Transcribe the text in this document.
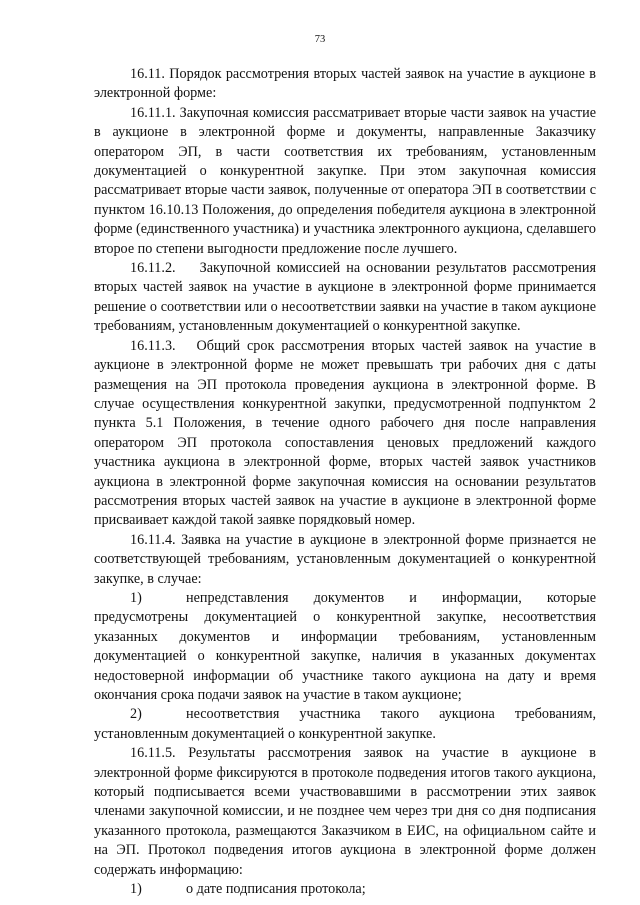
73

16.11. Порядок рассмотрения вторых частей заявок на участие в аукционе в электронной форме:

16.11.1. Закупочная комиссия рассматривает вторые части заявок на участие в аукционе в электронной форме и документы, направленные Заказчику оператором ЭП, в части соответствия их требованиям, установленным документацией о конкурентной закупке. При этом закупочная комиссия рассматривает вторые части заявок, полученные от оператора ЭП в соответствии с пунктом 16.10.13 Положения, до определения победителя аукциона в электронной форме (единственного участника) и участника электронного аукциона, сделавшего второе по степени выгодности предложение после лучшего.

16.11.2.    Закупочной комиссией на основании результатов рассмотрения вторых частей заявок на участие в аукционе в электронной форме принимается решение о соответствии или о несоответствии заявки на участие в таком аукционе требованиям, установленным документацией о конкурентной закупке.

16.11.3.   Общий срок рассмотрения вторых частей заявок на участие в аукционе в электронной форме не может превышать три рабочих дня с даты размещения на ЭП протокола проведения аукциона в электронной форме. В случае осуществления конкурентной закупки, предусмотренной подпунктом 2 пункта 5.1 Положения, в течение одного рабочего дня после направления оператором ЭП протокола сопоставления ценовых предложений каждого участника аукциона в электронной форме, вторых частей заявок участников аукциона в электронной форме закупочная комиссия на основании результатов рассмотрения вторых частей заявок на участие в аукционе в электронной форме присваивает каждой такой заявке порядковый номер.

16.11.4. Заявка на участие в аукционе в электронной форме признается не соответствующей требованиям, установленным документацией о конкурентной закупке, в случае:

1)	непредставления документов и информации, которые предусмотрены документацией о конкурентной закупке, несоответствия указанных документов и информации требованиям, установленным документацией о конкурентной закупке, наличия в указанных документах недостоверной информации об участнике такого аукциона на дату и время окончания срока подачи заявок на участие в таком аукционе;

2)	несоответствия участника такого аукциона требованиям, установленным документацией о конкурентной закупке.

16.11.5. Результаты рассмотрения заявок на участие в аукционе в электронной форме фиксируются в протоколе подведения итогов такого аукциона, который подписывается всеми участвовавшими в рассмотрении этих заявок членами закупочной комиссии, и не позднее чем через три дня со дня подписания указанного протокола, размещаются Заказчиком в ЕИС, на официальном сайте и на ЭП. Протокол подведения итогов аукциона в электронной форме должен содержать информацию:

1)	о дате подписания протокола;
